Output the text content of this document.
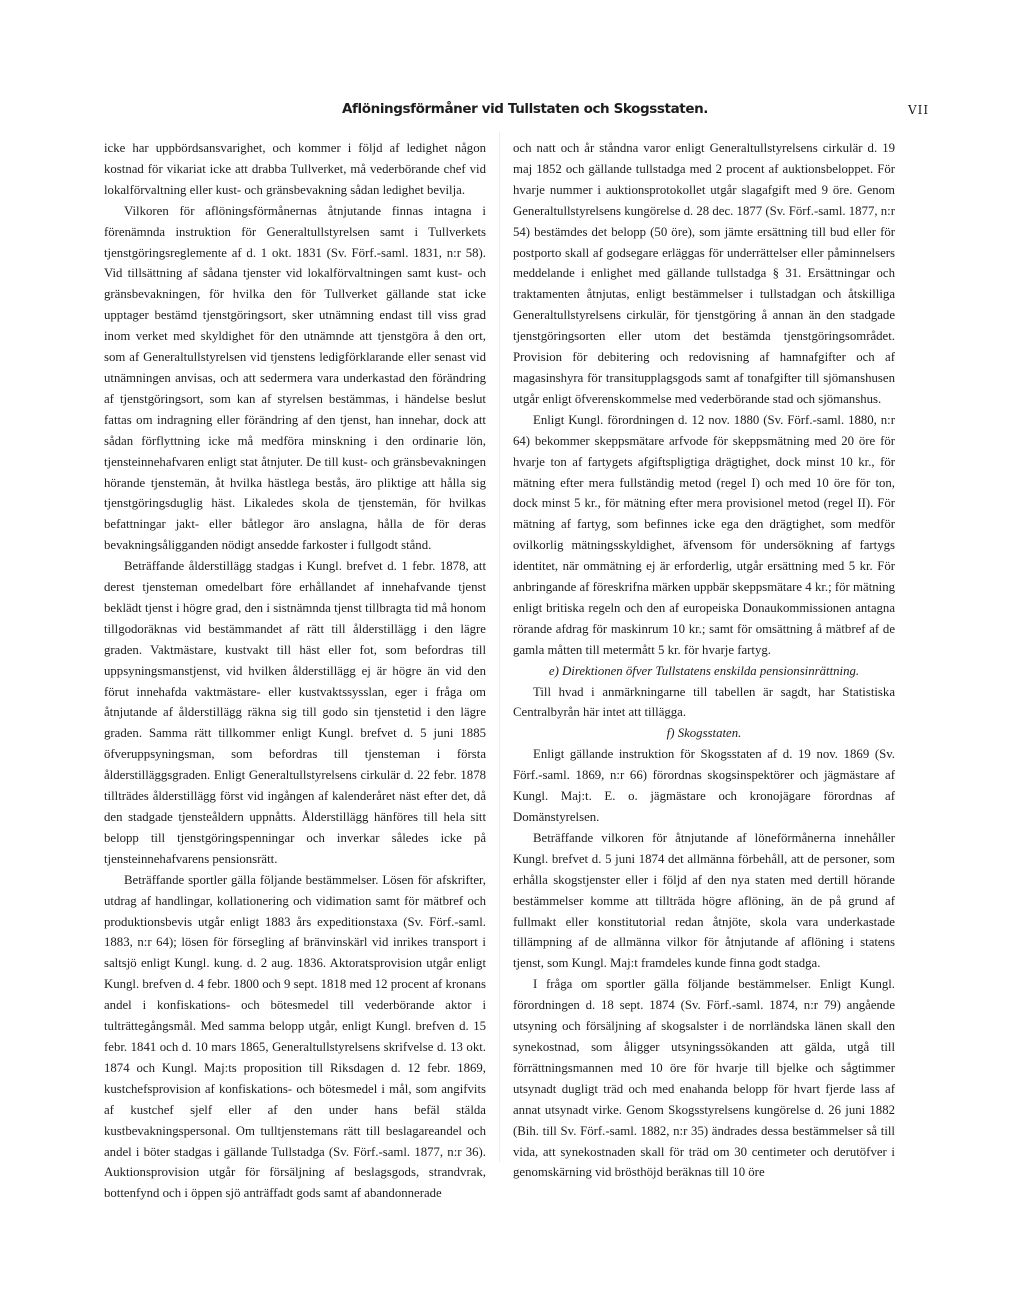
Aflöningsförmåner vid Tullstaten och Skogsstaten.	VII

icke har uppbördsansvarighet, och kommer i följd af ledighet någon kostnad för vikariat icke att drabba Tullverket, må vederbörande chef vid lokalförvaltning eller kust- och gränsbevakning sådan ledighet bevilja.

Vilkoren för aflöningsförmånernas åtnjutande finnas intagna i förenämnda instruktion för Generaltullstyrelsen samt i Tullverkets tjenstgöringsreglemente af d. 1 okt. 1831 (Sv. Förf.-saml. 1831, n:r 58). Vid tillsättning af sådana tjenster vid lokalförvaltningen samt kust- och gränsbevakningen, för hvilka den för Tullverket gällande stat icke upptager bestämd tjenstgöringsort, sker utnämning endast till viss grad inom verket med skyldighet för den utnämnde att tjenstgöra å den ort, som af Generaltullstyrelsen vid tjenstens ledigförklarande eller senast vid utnämningen anvisas, och att sedermera vara underkastad den förändring af tjenstgöringsort, som kan af styrelsen bestämmas, i händelse beslut fattas om indragning eller förändring af den tjenst, han innehar, dock att sådan förflyttning icke må medföra minskning i den ordinarie lön, tjensteinnehafvaren enligt stat åtnjuter. De till kust- och gränsbevakningen hörande tjenstemän, åt hvilka hästlega bestås, äro pliktige att hålla sig tjenstgöringsduglig häst. Likaledes skola de tjenstemän, för hvilkas befattningar jakt- eller båtlegor äro anslagna, hålla de för deras bevakningsåligganden nödigt ansedde farkoster i fullgodt stånd.

Beträffande ålderstillägg stadgas i Kungl. brefvet d. 1 febr. 1878, att derest tjensteman omedelbart före erhållandet af innehafvande tjenst beklädt tjenst i högre grad, den i sistnämnda tjenst tillbragta tid må honom tillgodoräknas vid bestämmandet af rätt till ålderstillägg i den lägre graden. Vaktmästare, kustvakt till häst eller fot, som befordras till uppsyningsmanstjenst, vid hvilken ålderstillägg ej är högre än vid den förut innehafda vaktmästare- eller kustvaktssysslan, eger i fråga om åtnjutande af ålderstillägg räkna sig till godo sin tjenstetid i den lägre graden. Samma rätt tillkommer enligt Kungl. brefvet d. 5 juni 1885 öfveruppsyningsman, som befordras till tjensteman i första ålderstilläggsgraden. Enligt Generaltullstyrelsens cirkulär d. 22 febr. 1878 tillträdes ålderstillägg först vid ingången af kalenderåret näst efter det, då den stadgade tjensteåldern uppnåtts. Ålderstillägg hänföres till hela sitt belopp till tjenstgöringspenningar och inverkar således icke på tjensteinnehafvarens pensionsrätt.

Beträffande sportler gälla följande bestämmelser. Lösen för afskrifter, utdrag af handlingar, kollationering och vidimation samt för mätbref och produktionsbevis utgår enligt 1883 års expeditionstaxa (Sv. Förf.-saml. 1883, n:r 64); lösen för försegling af bränvinskärl vid inrikes transport i saltsjö enligt Kungl. kung. d. 2 aug. 1836. Aktoratsprovision utgår enligt Kungl. brefven d. 4 febr. 1800 och 9 sept. 1818 med 12 procent af kronans andel i konfiskations- och bötesmedel till vederbörande aktor i tulträttegångsmål. Med samma belopp utgår, enligt Kungl. brefven d. 15 febr. 1841 och d. 10 mars 1865, Generaltullstyrelsens skrifvelse d. 13 okt. 1874 och Kungl. Maj:ts proposition till Riksdagen d. 12 febr. 1869, kustchefsprovision af konfiskations- och bötesmedel i mål, som angifvits af kustchef sjelf eller af den under hans befäl stälda kustbevakningspersonal. Om tulltjenstemans rätt till beslagareandel och andel i böter stadgas i gällande Tullstadga (Sv. Förf.-saml. 1877, n:r 36). Auktionsprovision utgår för försäljning af beslagsgods, strandvrak, bottenfynd och i öppen sjö anträffadt gods samt af abandonnerade

och natt och år ståndna varor enligt Generaltullstyrelsens cirkulär d. 19 maj 1852 och gällande tullstadga med 2 procent af auktionsbeloppet. För hvarje nummer i auktionsprotokollet utgår slagafgift med 9 öre. Genom Generaltullstyrelsens kungörelse d. 28 dec. 1877 (Sv. Förf.-saml. 1877, n:r 54) bestämdes det belopp (50 öre), som jämte ersättning till bud eller för postporto skall af godsegare erläggas för underrättelser eller påminnelsers meddelande i enlighet med gällande tullstadga § 31. Ersättningar och traktamenten åtnjutas, enligt bestämmelser i tullstadgan och åtskilliga Generaltullstyrelsens cirkulär, för tjenstgöring å annan än den stadgade tjenstgöringsorten eller utom det bestämda tjenstgöringsområdet. Provision för debitering och redovisning af hamnafgifter och af magasinshyra för transitupplagsgods samt af tonafgifter till sjömanshusen utgår enligt öfverenskommelse med vederbörande stad och sjömanshus.

Enligt Kungl. förordningen d. 12 nov. 1880 (Sv. Förf.-saml. 1880, n:r 64) bekommer skeppsmätare arfvode för skeppsmätning med 20 öre för hvarje ton af fartygets afgiftspligtiga drägtighet, dock minst 10 kr., för mätning efter mera fullständig metod (regel I) och med 10 öre för ton, dock minst 5 kr., för mätning efter mera provisionel metod (regel II). För mätning af fartyg, som befinnes icke ega den drägtighet, som medför ovilkorlig mätningsskyldighet, äfvensom för undersökning af fartygs identitet, när ommätning ej är erforderlig, utgår ersättning med 5 kr. För anbringande af föreskrifna märken uppbär skeppsmätare 4 kr.; för mätning enligt britiska regeln och den af europeiska Donaukommissionen antagna rörande afdrag för maskinrum 10 kr.; samt för omsättning å mätbref af de gamla måtten till metermått 5 kr. för hvarje fartyg.

e) Direktionen öfver Tullstatens enskilda pensionsinrättning.

Till hvad i anmärkningarne till tabellen är sagdt, har Statistiska Centralbyrån här intet att tillägga.

f) Skogsstaten.

Enligt gällande instruktion för Skogsstaten af d. 19 nov. 1869 (Sv. Förf.-saml. 1869, n:r 66) förordnas skogsinspektörer och jägmästare af Kungl. Maj:t. E. o. jägmästare och kronojägare förordnas af Domänstyrelsen.

Beträffande vilkoren för åtnjutande af löneförmånerna innehåller Kungl. brefvet d. 5 juni 1874 det allmänna förbehåll, att de personer, som erhålla skogstjenster eller i följd af den nya staten med dertill hörande bestämmelser komme att tillträda högre aflöning, än de på grund af fullmakt eller konstitutorial redan åtnjöte, skola vara underkastade tillämpning af de allmänna vilkor för åtnjutande af aflöning i statens tjenst, som Kungl. Maj:t framdeles kunde finna godt stadga.

I fråga om sportler gälla följande bestämmelser. Enligt Kungl. förordningen d. 18 sept. 1874 (Sv. Förf.-saml. 1874, n:r 79) angående utsyning och försäljning af skogsalster i de norrländska länen skall den synekostnad, som åligger utsyningssökanden att gälda, utgå till förrättningsmannen med 10 öre för hvarje till bjelke och sågtimmer utsynadt dugligt träd och med enahanda belopp för hvart fjerde lass af annat utsynadt virke. Genom Skogsstyrelsens kungörelse d. 26 juni 1882 (Bih. till Sv. Förf.-saml. 1882, n:r 35) ändrades dessa bestämmelser så till vida, att synekostnaden skall för träd om 30 centimeter och derutöfver i genomskärning vid brösthöjd beräknas till 10 öre
